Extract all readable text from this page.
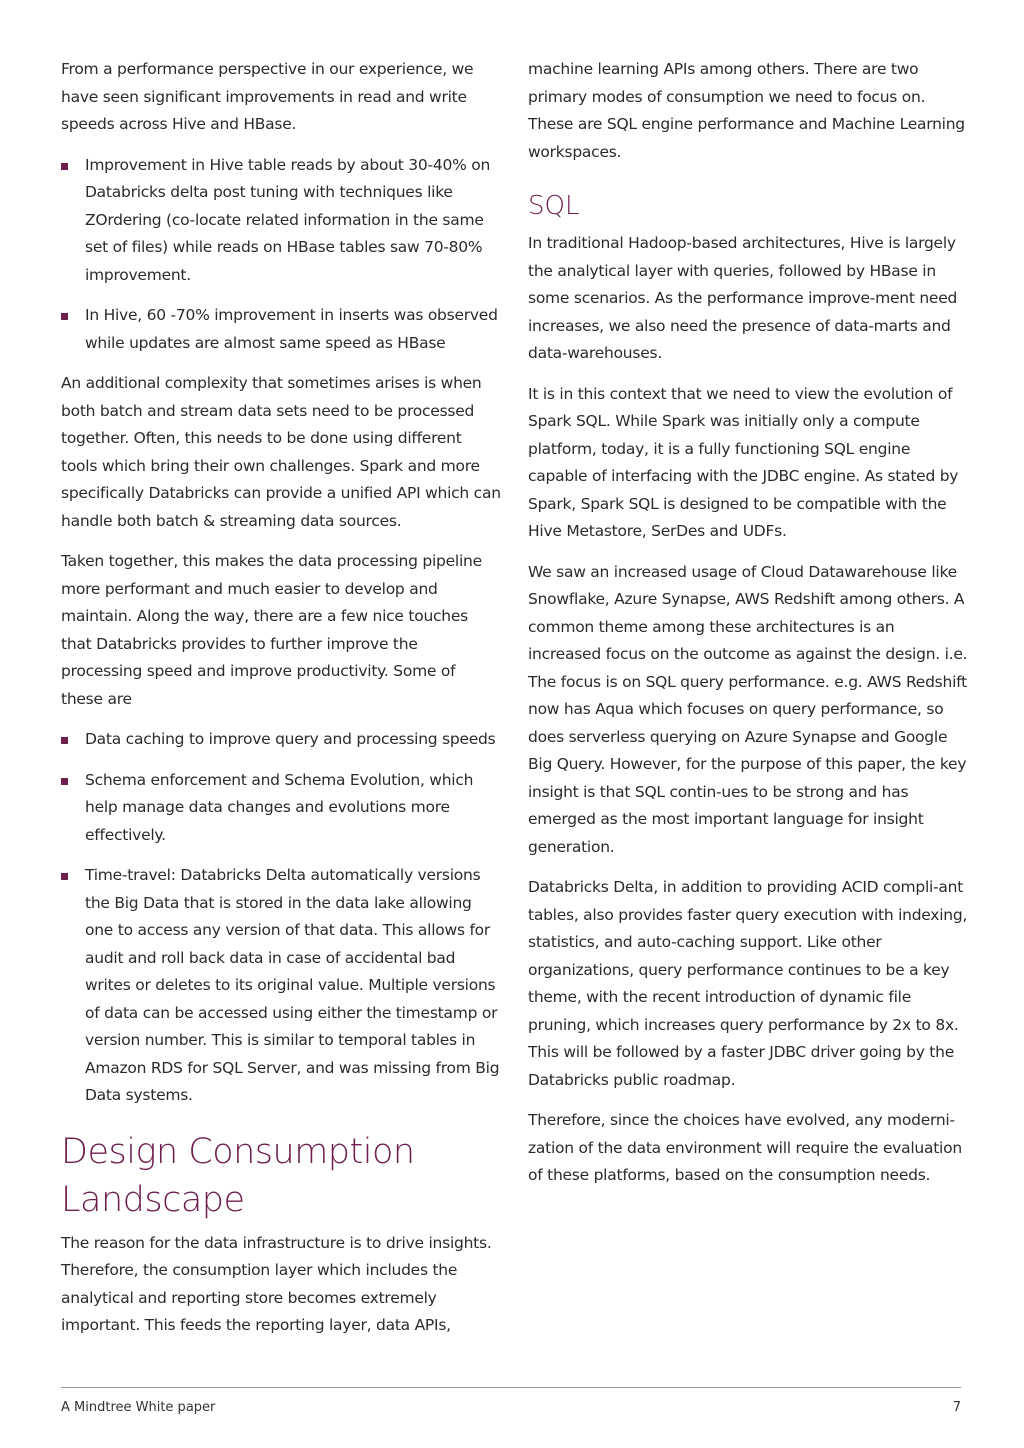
From a performance perspective in our experience, we have seen significant improvements in read and write speeds across Hive and HBase.

Improvement in Hive table reads by about 30-40% on Databricks delta post tuning with techniques like ZOrdering (co-locate related information in the same set of files) while reads on HBase tables saw 70-80% improvement.
In Hive, 60 -70% improvement in inserts was observed while updates are almost same speed as HBase

An additional complexity that sometimes arises is when both batch and stream data sets need to be processed together. Often, this needs to be done using different tools which bring their own challenges. Spark and more specifically Databricks can provide a unified API which can handle both batch & streaming data sources.

Taken together, this makes the data processing pipeline more performant and much easier to develop and maintain. Along the way, there are a few nice touches that Databricks provides to further improve the processing speed and improve productivity. Some of these are

Data caching to improve query and processing speeds
Schema enforcement and Schema Evolution, which help manage data changes and evolutions more effectively.
Time-travel: Databricks Delta automatically versions the Big Data that is stored in the data lake allowing one to access any version of that data. This allows for audit and roll back data in case of accidental bad writes or deletes to its original value. Multiple versions of data can be accessed using either the timestamp or version number. This is similar to temporal tables in Amazon RDS for SQL Server, and was missing from Big Data systems.
Design Consumption Landscape

The reason for the data infrastructure is to drive insights. Therefore, the consumption layer which includes the analytical and reporting store becomes extremely important. This feeds the reporting layer, data APIs,

machine learning APIs among others. There are two primary modes of consumption we need to focus on. These are SQL engine performance and Machine Learning workspaces.

SQL

In traditional Hadoop-based architectures, Hive is largely the analytical layer with queries, followed by HBase in some scenarios. As the performance improve-ment need increases, we also need the presence of data-marts and data-warehouses.

It is in this context that we need to view the evolution of Spark SQL. While Spark was initially only a compute platform, today, it is a fully functioning SQL engine capable of interfacing with the JDBC engine. As stated by Spark, Spark SQL is designed to be compatible with the Hive Metastore, SerDes and UDFs.

We saw an increased usage of Cloud Datawarehouse like Snowflake, Azure Synapse, AWS Redshift among others. A common theme among these architectures is an increased focus on the outcome as against the design. i.e. The focus is on SQL query performance. e.g. AWS Redshift now has Aqua which focuses on query performance, so does serverless querying on Azure Synapse and Google Big Query. However, for the purpose of this paper, the key insight is that SQL contin-ues to be strong and has emerged as the most important language for insight generation.

Databricks Delta, in addition to providing ACID compli-ant tables, also provides faster query execution with indexing, statistics, and auto-caching support. Like other organizations, query performance continues to be a key theme, with the recent introduction of dynamic file pruning, which increases query performance by 2x to 8x. This will be followed by a faster JDBC driver going by the Databricks public roadmap.

Therefore, since the choices have evolved, any moderni-zation of the data environment will require the evaluation of these platforms, based on the consumption needs.

A Mindtree White paper	7
